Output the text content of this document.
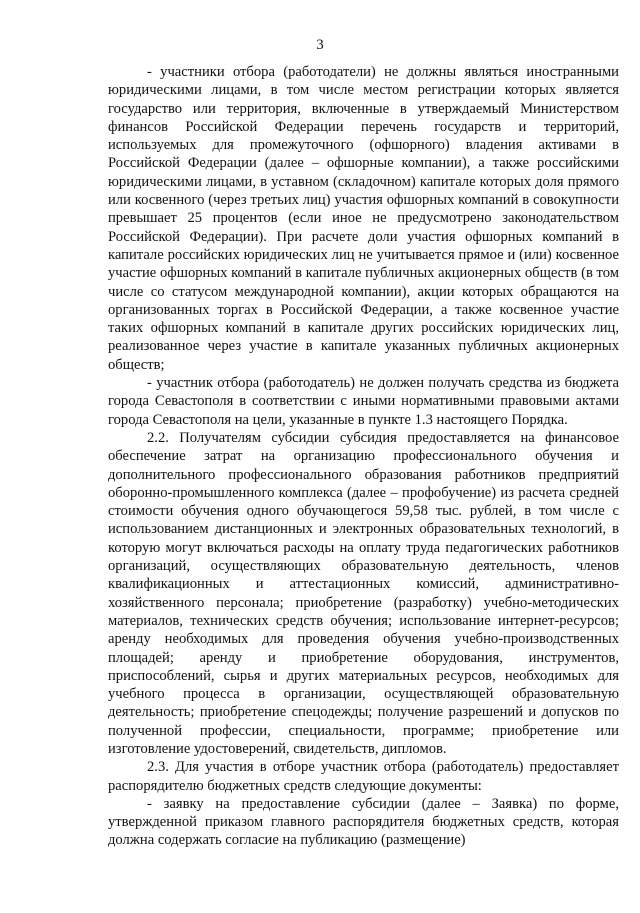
3

- участники отбора (работодатели) не должны являться иностранными юридическими лицами, в том числе местом регистрации которых является государство или территория, включенные в утверждаемый Министерством финансов Российской Федерации перечень государств и территорий, используемых для промежуточного (офшорного) владения активами в Российской Федерации (далее – офшорные компании), а также российскими юридическими лицами, в уставном (складочном) капитале которых доля прямого или косвенного (через третьих лиц) участия офшорных компаний в совокупности превышает 25 процентов (если иное не предусмотрено законодательством Российской Федерации). При расчете доли участия офшорных компаний в капитале российских юридических лиц не учитывается прямое и (или) косвенное участие офшорных компаний в капитале публичных акционерных обществ (в том числе со статусом международной компании), акции которых обращаются на организованных торгах в Российской Федерации, а также косвенное участие таких офшорных компаний в капитале других российских юридических лиц, реализованное через участие в капитале указанных публичных акционерных обществ;

- участник отбора (работодатель) не должен получать средства из бюджета города Севастополя в соответствии с иными нормативными правовыми актами города Севастополя на цели, указанные в пункте 1.3 настоящего Порядка.

2.2. Получателям субсидии субсидия предоставляется на финансовое обеспечение затрат на организацию профессионального обучения и дополнительного профессионального образования работников предприятий оборонно-промышленного комплекса (далее – профобучение) из расчета средней стоимости обучения одного обучающегося 59,58 тыс. рублей, в том числе с использованием дистанционных и электронных образовательных технологий, в которую могут включаться расходы на оплату труда педагогических работников организаций, осуществляющих образовательную деятельность, членов квалификационных и аттестационных комиссий, административно-хозяйственного персонала; приобретение (разработку) учебно-методических материалов, технических средств обучения; использование интернет-ресурсов; аренду необходимых для проведения обучения учебно-производственных площадей; аренду и приобретение оборудования, инструментов, приспособлений, сырья и других материальных ресурсов, необходимых для учебного процесса в организации, осуществляющей образовательную деятельность; приобретение спецодежды; получение разрешений и допусков по полученной профессии, специальности, программе; приобретение или изготовление удостоверений, свидетельств, дипломов.

2.3. Для участия в отборе участник отбора (работодатель) предоставляет распорядителю бюджетных средств следующие документы:

- заявку на предоставление субсидии (далее – Заявка) по форме, утвержденной приказом главного распорядителя бюджетных средств, которая должна содержать согласие на публикацию (размещение)
